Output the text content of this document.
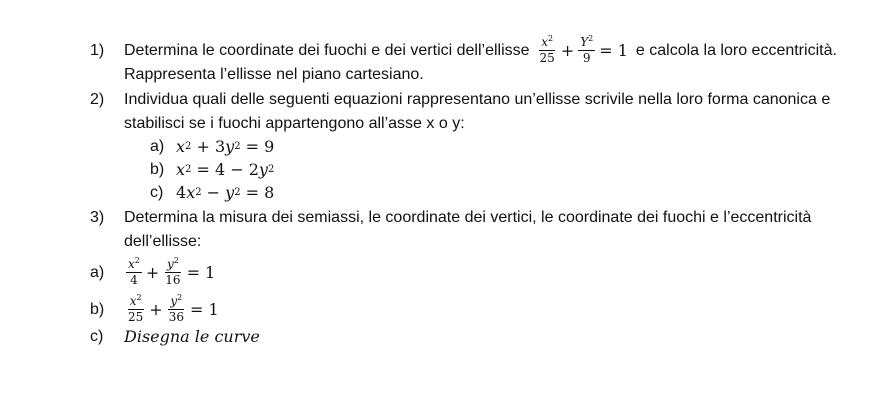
1)	Determina le coordinate dei fuochi e dei vertici dell’ellisse $\frac{x^2}{25} + \frac{Y^2}{9} = 1$ e calcola la loro eccentricità.
Rappresenta l’ellisse nel piano cartesiano.
2)	Individua quali delle seguenti equazioni rappresentano un’ellisse scrivile nella loro forma canonica e
stabilisci se i fuochi appartengono all’asse x o y:
a) x 2 + 3 y 2 = 9
b) x 2 = 4 − 2 y 2
c) 4 x 2 − y 2 = 8
3)	Determina la misura dei semiassi, le coordinate dei vertici, le coordinate dei fuochi e l’eccentricità
dell’ellisse:
a)	$\frac{x^2}{4} + \frac{y^2}{16} = 1$
b)	$\frac{x^2}{25} + \frac{y^2}{36} = 1$
c)	Disegna le curve
